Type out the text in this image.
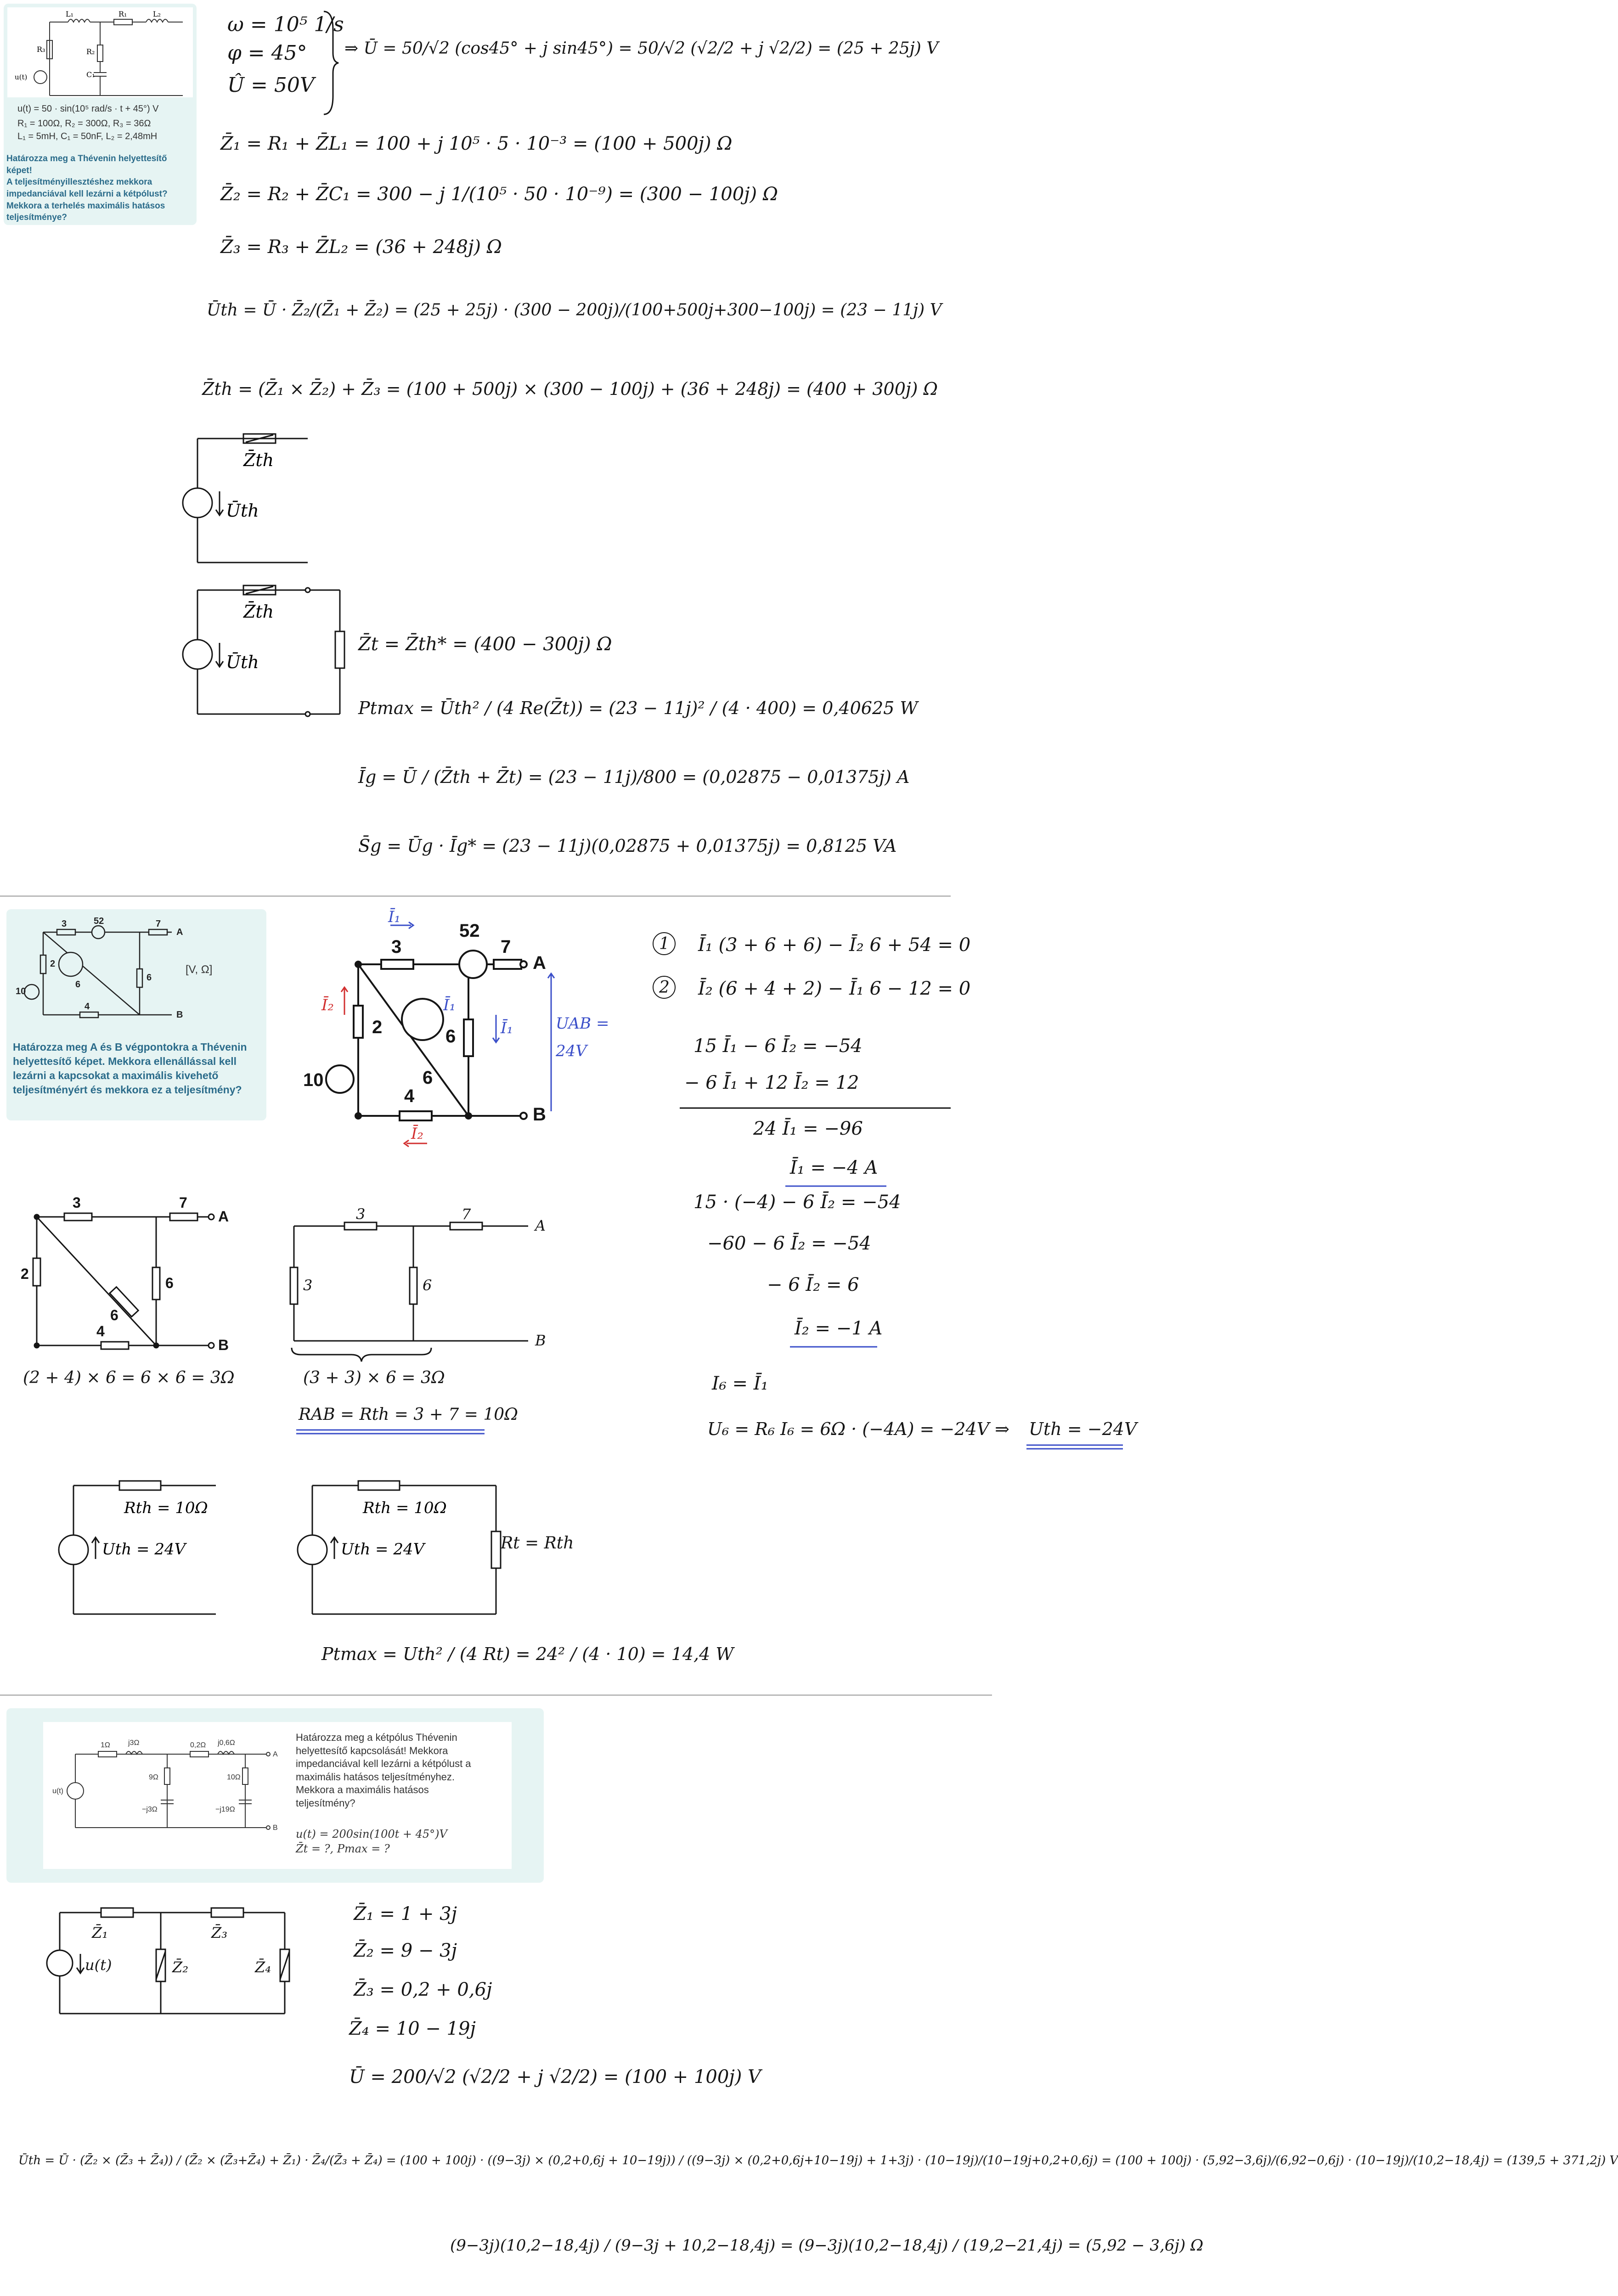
L₁	R₁	L₂
R₃	R₂
C₁
u(t)
u(t) = 50 · sin(10⁵ rad/s · t + 45°) V
R₁ = 100Ω, R₂ = 300Ω, R₃ = 36Ω
L₁ = 5mH, C₁ = 50nF, L₂ = 2,48mH
Határozza meg a Thévenin helyettesítő képet!
A teljesítményillesztéshez mekkora
impedanciával kell lezárni a kétpólust?
Mekkora a terhelés maximális hatásos
teljesítménye?
ω = 10⁵ 1/s
φ = 45°
Û = 50V
⇒ Ū = 50/√2 (cos45° + j sin45°) = 50/√2 (√2/2 + j √2/2) = (25 + 25j) V
Z̄₁ = R₁ + Z̄L₁ = 100 + j 10⁵ · 5 · 10⁻³ = (100 + 500j) Ω
Z̄₂ = R₂ + Z̄C₁ = 300 − j 1/(10⁵ · 50 · 10⁻⁹) = (300 − 100j) Ω
Z̄₃ = R₃ + Z̄L₂ = (36 + 248j) Ω
Ūth = Ū · Z̄₂/(Z̄₁ + Z̄₂) = (25 + 25j) · (300 − 200j)/(100+500j+300−100j) = (23 − 11j) V
Z̄th = (Z̄₁ × Z̄₂) + Z̄₃ = (100 + 500j) × (300 − 100j) + (36 + 248j) = (400 + 300j) Ω
Z̄th
Ūth
Z̄th
Ūth
Z̄t = Z̄th* = (400 − 300j) Ω
Ptmax = Ūth² / (4 Re(Z̄t)) = (23 − 11j)² / (4 · 400) = 0,40625 W
Īg = Ū / (Z̄th + Z̄t) = (23 − 11j)/800 = (0,02875 − 0,01375j) A
S̄g = Ūg · Īg* = (23 − 11j)(0,02875 + 0,01375j) = 0,8125 VA
3	52	7
2
6
10
6
4
A
B
[V, Ω]
Határozza meg A és B végpontokra a Thévenin
helyettesítő képet. Mekkora ellenállással kell
lezárni a kapcsokat a maximális kivehető
teljesítményért és mekkora ez a teljesítmény?
3
52
7
2	6
10	6
4
A
B
Ī₁
Ī₁
Ī₂
Ī₂
Ī₁	UAB =
24V
1
2
Ī₁ (3 + 6 + 6) − Ī₂ 6 + 54 = 0
Ī₂ (6 + 4 + 2) − Ī₁ 6 − 12 = 0
15 Ī₁ − 6 Ī₂ = −54
− 6 Ī₁ + 12 Ī₂ = 12
24 Ī₁ = −96
Ī₁ = −4 A
15 · (−4) − 6 Ī₂ = −54
−60 − 6 Ī₂ = −54
− 6 Ī₂ = 6
Ī₂ = −1 A
I₆ = Ī₁
U₆ = R₆ I₆ = 6Ω · (−4A) = −24V ⇒ Uth = −24V
3	7
2
6
6
4
A
B
(2 + 4) × 6 = 6 × 6 = 3Ω
3	7
3	6
A
B
(3 + 3) × 6 = 3Ω
RAB = Rth = 3 + 7 = 10Ω
Rth = 10Ω
Uth = 24V
Rth = 10Ω
Uth = 24V	Rt = Rth
Ptmax = Uth² / (4 Rt) = 24² / (4 · 10) = 14,4 W
1Ω j3Ω	0,2Ω j0,6Ω
9Ω
−j3Ω
10Ω
−j19Ω
u(t)
A
B
Határozza meg a kétpólus Thévenin
helyettesítő kapcsolását! Mekkora
impedanciával kell lezárni a kétpólust a
maximális hatásos teljesítményhez.
Mekkora a maximális hatásos
teljesítmény?
u(t) = 200sin(100t + 45°)V
Z̄t = ?, Pmax = ?
Z̄₁	Z̄₃
Z̄₂	Z̄₄
u(t)
Z̄₁ = 1 + 3j
Z̄₂ = 9 − 3j
Z̄₃ = 0,2 + 0,6j
Z̄₄ = 10 − 19j
Ū = 200/√2 (√2/2 + j √2/2) = (100 + 100j) V
Ūth = Ū · (Z̄₂ × (Z̄₃ + Z̄₄)) / (Z̄₂ × (Z̄₃+Z̄₄) + Z̄₁) · Z̄₄/(Z̄₃ + Z̄₄) = (100 + 100j) · ((9−3j) × (0,2+0,6j + 10−19j)) / ((9−3j) × (0,2+0,6j+10−19j) + 1+3j) · (10−19j)/(10−19j+0,2+0,6j) = (100 + 100j) · (5,92−3,6j)/(6,92−0,6j) · (10−19j)/(10,2−18,4j) = (139,5 + 371,2j) V
(9−3j)(10,2−18,4j) / (9−3j + 10,2−18,4j) = (9−3j)(10,2−18,4j) / (19,2−21,4j) = (5,92 − 3,6j) Ω
